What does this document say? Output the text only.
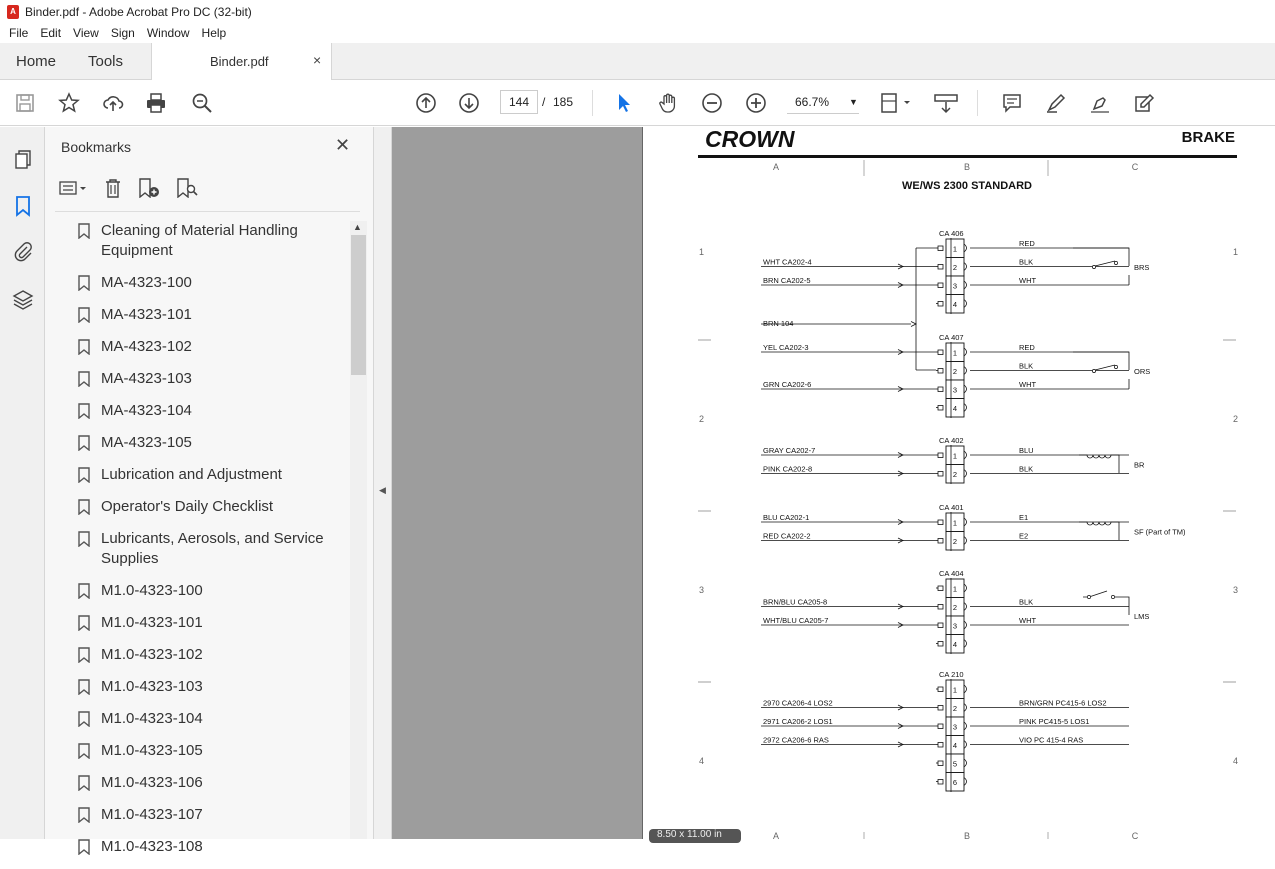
A Binder.pdf - Adobe Acrobat Pro DC (32-bit)
File	Edit	View	Sign	Window	Help
Home Tools	Binder.pdf	×
144	/ 185	66.7% ▼
Bookmarks	✕
Cleaning of Material Handling Equipment
MA-4323-100
MA-4323-101
MA-4323-102
MA-4323-103
MA-4323-104
MA-4323-105
Lubrication and Adjustment
Operator's Daily Checklist
Lubricants, Aerosols, and Service Supplies
M1.0-4323-100
M1.0-4323-101
M1.0-4323-102
M1.0-4323-103
M1.0-4323-104
M1.0-4323-105
M1.0-4323-106
M1.0-4323-107
M1.0-4323-108
▲
◀
CROWN	BRAKE
A
A
B
B
C
C
WE/WS 2300 STANDARD
1	1
2	2
3	3
4	4
CA 406
1
2
3
4
WHT CA202-4
BRN CA202-5
RED
BLK
WHT
BRS
CA 407
1
2
3
4
YEL CA202-3
GRN CA202-6
RED
BLK
WHT
ORS
CA 402
1
2
GRAY CA202-7
PINK CA202-8
BLU
BLK	BR
CA 401
1
2
BLU CA202-1
RED CA202-2
E1
E2	SF (Part of TM)
CA 404
1
2
3
4
BRN/BLU CA205-8
WHT/BLU CA205-7
BLK
WHT	LMS
CA 210
1
2
3
4
5
6
2970 CA206-4 LOS2
2971 CA206-2 LOS1
2972 CA206-6 RAS
BRN/GRN PC415-6 LOS2
PINK PC415-5 LOS1
VIO PC 415-4 RAS
BRN 104
8.50 x 11.00 in
